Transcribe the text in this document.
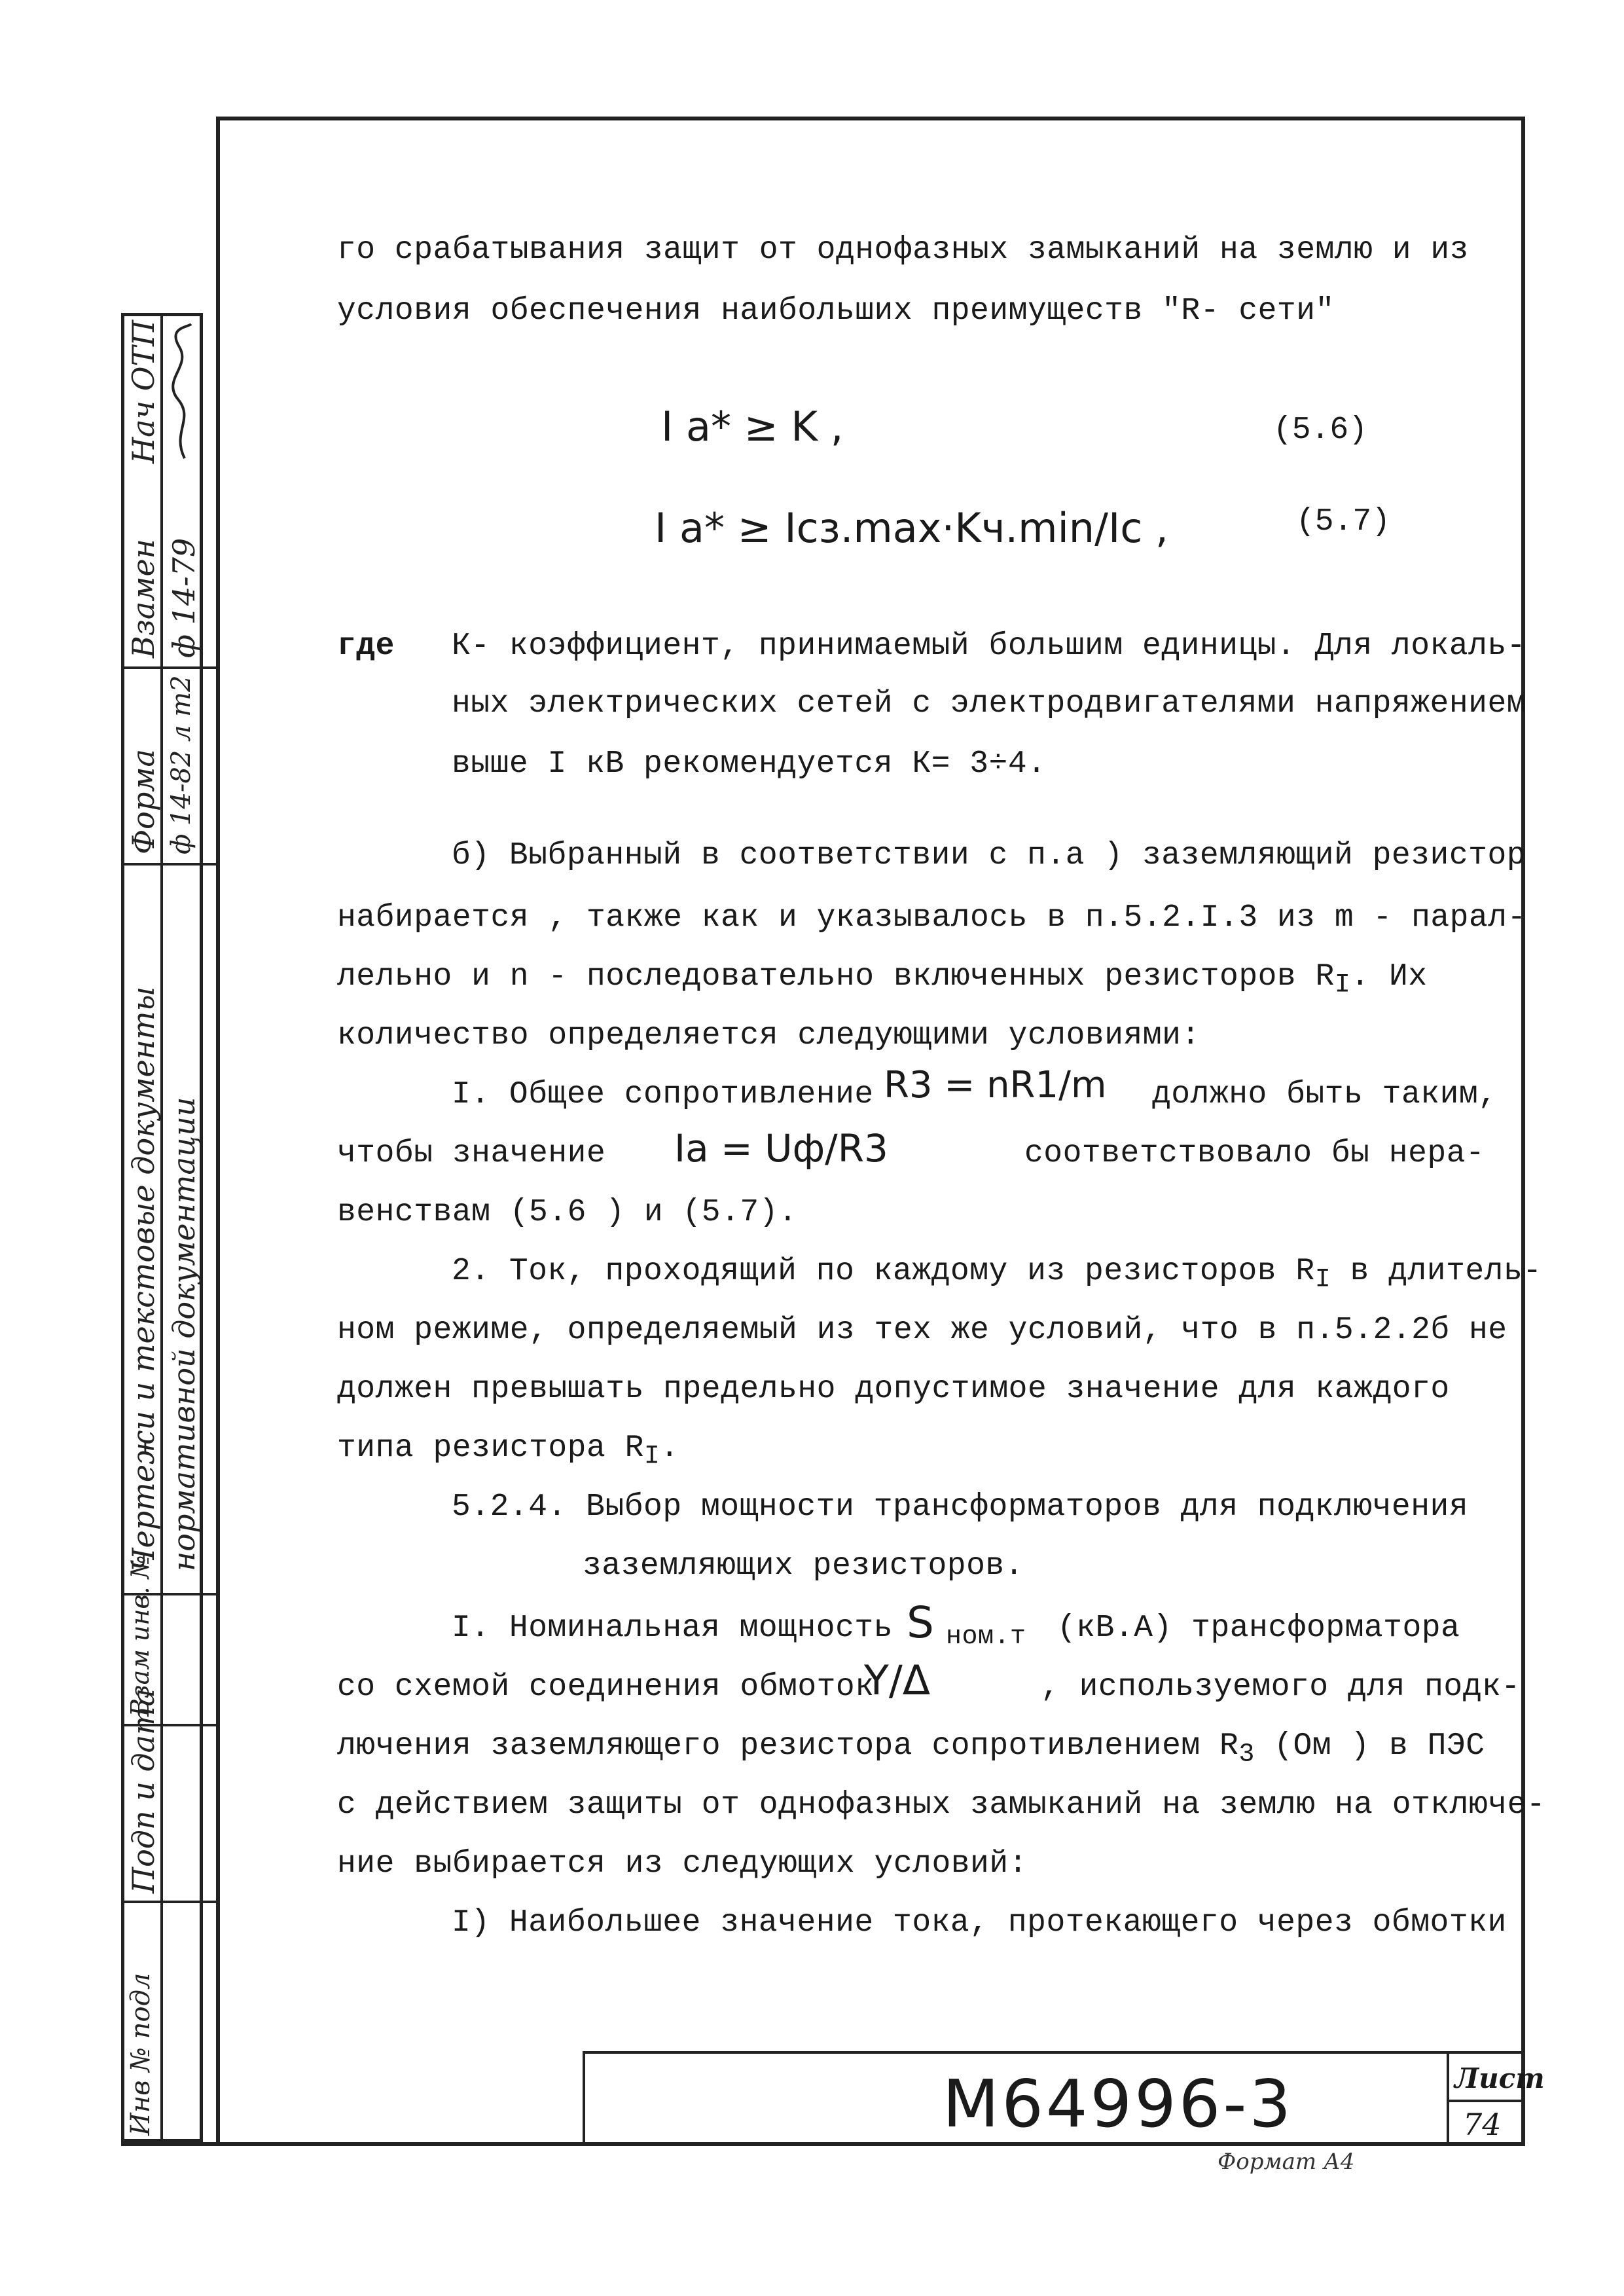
Нач ОТП
Взамен ф 14-79
Форма ф 14-82 л m2
Чертежи и текстовые документы нормативной документации
Взам инв. №
Подп и дата
Инв № подл
го срабатывания защит от однофазных замыканий на землю и из
условия обеспечения наибольших преимуществ "R- сети"
I a* ≥ K ,	(5.6)
I a* ≥ Iсз.max·Kч.min/Ic ,	(5.7)
где К- коэффициент, принимаемый большим единицы. Для локаль-
ных электрических сетей с электродвигателями напряжением
выше I кВ рекомендуется К= 3÷4.
б) Выбранный в соответствии с п.а ) заземляющий резистор
набирается , также как и указывалось в п.5.2.I.3 из m - парал-
лельно и n - последовательно включенных резисторов $R_I$. Их
количество определяется следующими условиями:
I. Общее сопротивление R3 = nR1/m должно быть таким,
чтобы значение Ia = Uф/R3	соответствовало бы нера-
венствам (5.6 ) и (5.7).
2. Ток, проходящий по каждому из резисторов $R_I$ в длитель-
ном режиме, определяемый из тех же условий, что в п.5.2.2б не
должен превышать предельно допустимое значение для каждого
типа резистора $R_I$.
5.2.4. Выбор мощности трансформаторов для подключения
заземляющих резисторов.
I. Номинальная мощность S ном.т (кВ.А) трансформатора
со схемой соединения обмоток
Y/Δ	, используемого для подк-
лючения заземляющего резистора сопротивлением $R_3$ (Ом ) в ПЭС
с действием защиты от однофазных замыканий на землю на отключе-
ние выбирается из следующих условий:
I) Наибольшее значение тока, протекающего через обмотки
М64996-3	Лист
74
Формат А4
